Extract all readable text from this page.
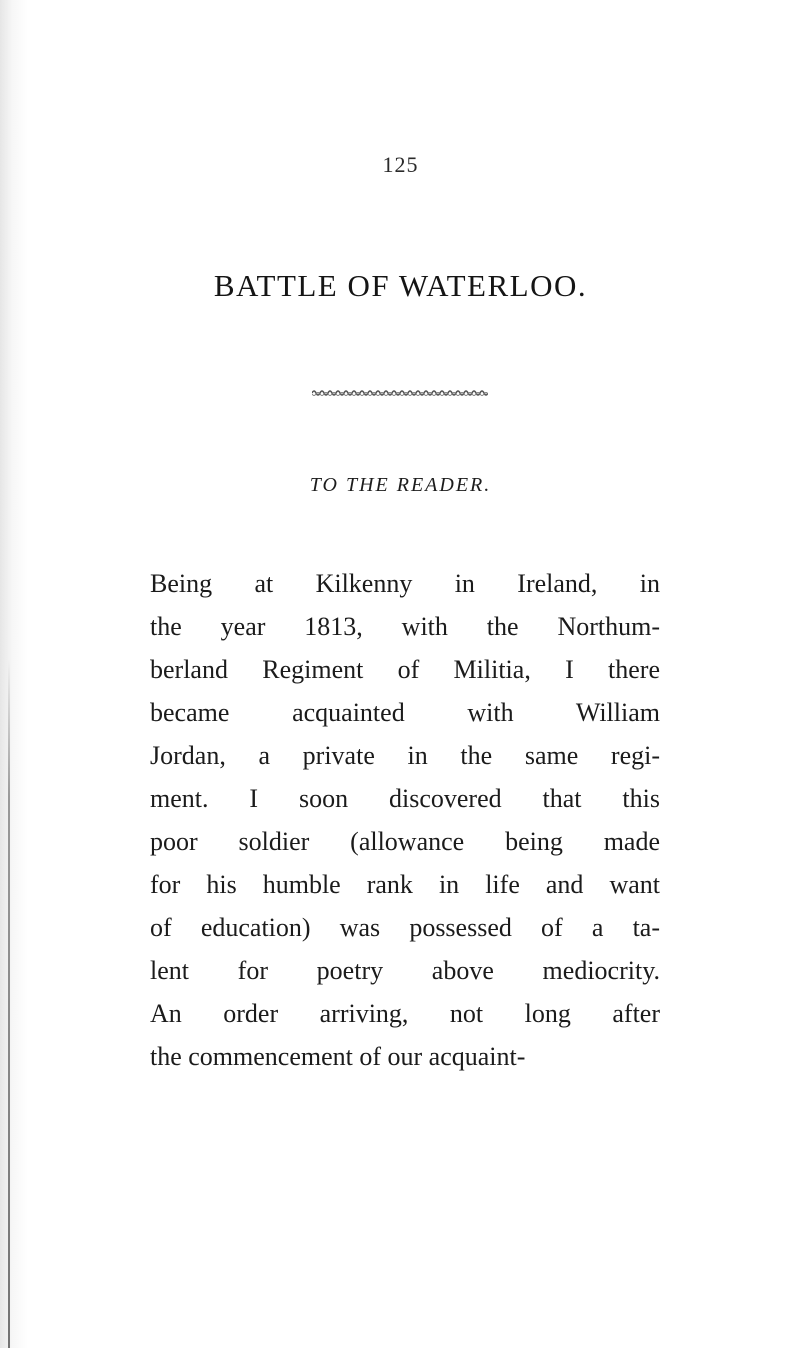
125
BATTLE OF WATERLOO.
TO THE READER.
Being at Kilkenny in Ireland, in
the year 1813, with the Northum-
berland Regiment of Militia, I there
became acquainted with William
Jordan, a private in the same regi-
ment. I soon discovered that this
poor soldier (allowance being made
for his humble rank in life and want
of education) was possessed of a ta-
lent for poetry above mediocrity.
An order arriving, not long after
the commencement of our acquaint-
